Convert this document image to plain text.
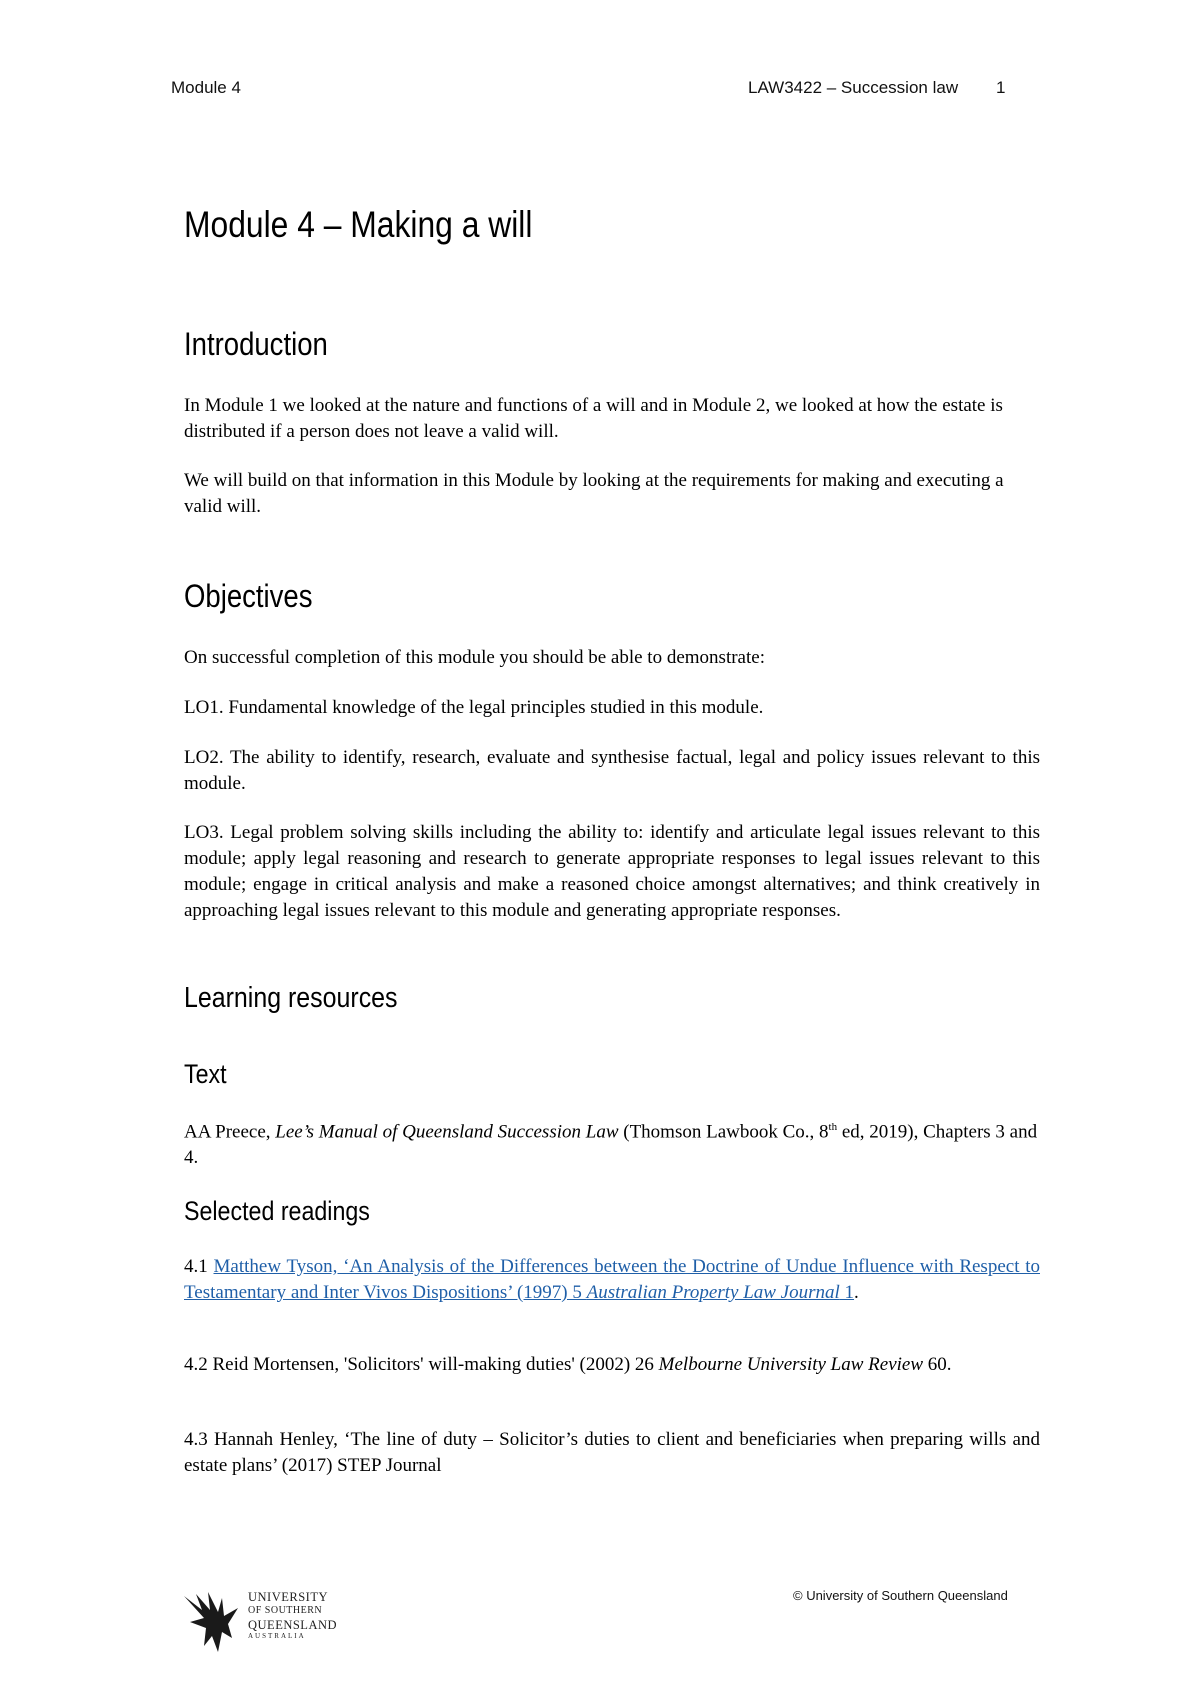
Module 4	LAW3422 – Succession law 1
Module 4 – Making a will
Introduction

In Module 1 we looked at the nature and functions of a will and in Module 2, we looked at how the estate is distributed if a person does not leave a valid will.

We will build on that information in this Module by looking at the requirements for making and executing a valid will.

Objectives

On successful completion of this module you should be able to demonstrate:

LO1. Fundamental knowledge of the legal principles studied in this module.

LO2. The ability to identify, research, evaluate and synthesise factual, legal and policy issues relevant to this module.

LO3. Legal problem solving skills including the ability to: identify and articulate legal issues relevant to this module; apply legal reasoning and research to generate appropriate responses to legal issues relevant to this module; engage in critical analysis and make a reasoned choice amongst alternatives; and think creatively in approaching legal issues relevant to this module and generating appropriate responses.

Learning resources
Text

AA Preece, Lee’s Manual of Queensland Succession Law (Thomson Lawbook Co., 8th ed, 2019), Chapters 3 and 4.

Selected readings

4.1 Matthew Tyson, ‘An Analysis of the Differences between the Doctrine of Undue Influence with Respect to Testamentary and Inter Vivos Dispositions’ (1997) 5 Australian Property Law Journal 1.

4.2 Reid Mortensen, 'Solicitors' will-making duties' (2002) 26 Melbourne University Law Review 60.

4.3 Hannah Henley, ‘The line of duty – Solicitor’s duties to client and beneficiaries when preparing wills and estate plans’ (2017) STEP Journal

UNIVERSITY
OF SOUTHERN
QUEENSLAND
AUSTRALIA
© University of Southern Queensland
